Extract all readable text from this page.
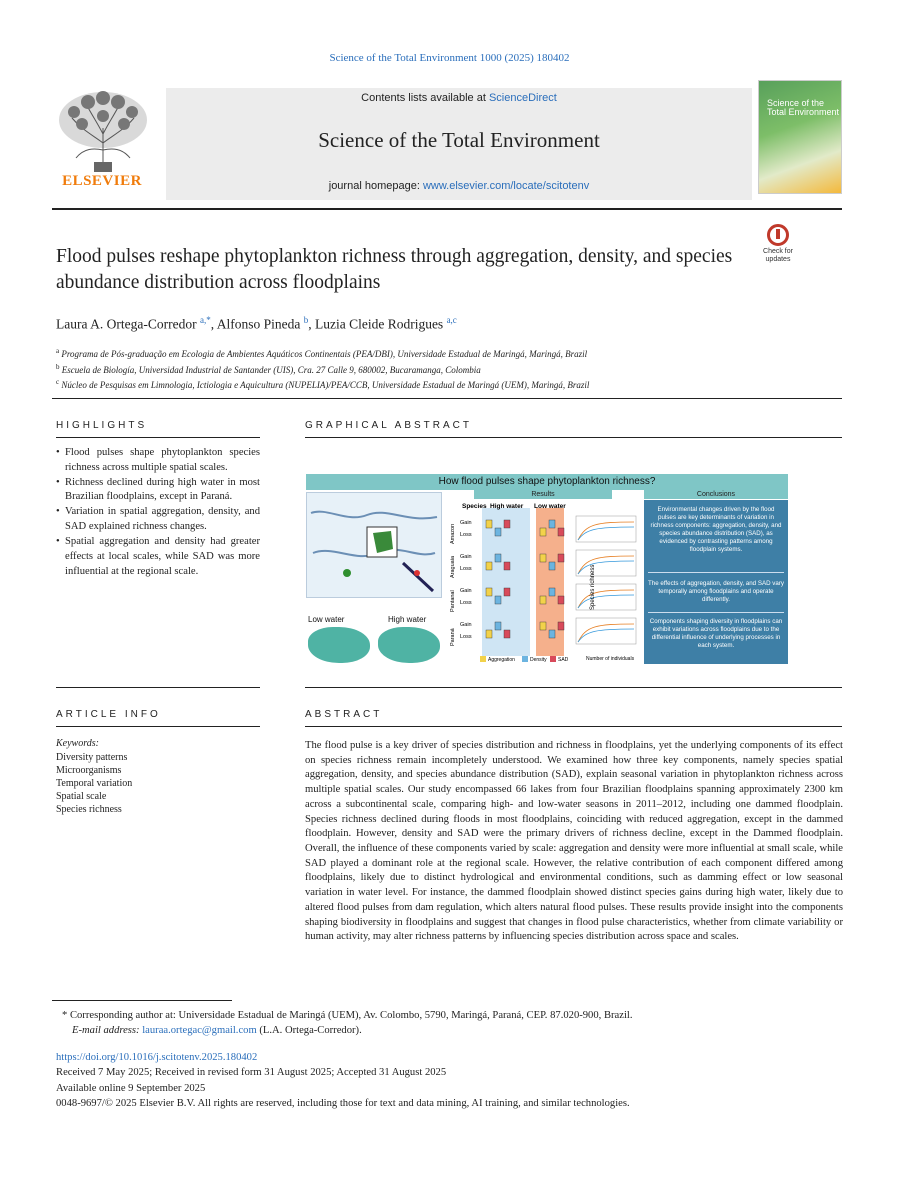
Science of the Total Environment 1000 (2025) 180402
ELSEVIER
Contents lists available at ScienceDirect
Science of the Total Environment
journal homepage: www.elsevier.com/locate/scitotenv
Science of the Total Environment
Flood pulses reshape phytoplankton richness through aggregation, density, and species abundance distribution across floodplains
Check for
updates
Laura A. Ortega-Corredor $^{a,*}$, Alfonso Pineda $^b$, Luzia Cleide Rodrigues $^{a,c}$
$^a$ Programa de Pós-graduação em Ecologia de Ambientes Aquáticos Continentais (PEA/DBI), Universidade Estadual de Maringá, Maringá, Brazil
$^b$ Escuela de Biología, Universidad Industrial de Santander (UIS), Cra. 27 Calle 9, 680002, Bucaramanga, Colombia
$^c$ Núcleo de Pesquisas em Limnologia, Ictiologia e Aquicultura (NUPELIA)/PEA/CCB, Universidade Estadual de Maringá (UEM), Maringá, Brazil
HIGHLIGHTS
• Flood pulses shape phytoplankton species richness across multiple spatial scales.
• Richness declined during high water in most Brazilian floodplains, except in Paraná.
• Variation in spatial aggregation, density, and SAD explained richness changes.
• Spatial aggregation and density had greater effects at local scales, while SAD was more influential at the regional scale.
GRAPHICAL ABSTRACT
How flood pulses shape phytoplankton richness?
Low water	High water
Results	Conclusions
Species High water Low water
Amazon
Gain
Loss
Araguaia Gain
Loss
Pantanal Gain
Loss
Paraná
Gain
Loss
Species richness
Number of individuals
Aggregation	Density SAD
Environmental changes driven by the flood pulses are key determinants of variation in richness components: aggregation, density, and species abundance distribution (SAD), as evidenced by contrasting patterns among floodplain systems.
The effects of aggregation, density, and SAD vary temporally among floodplains and operate differently.
Components shaping diversity in floodplains can exhibit variations across floodplains due to the differential influence of underlying processes in each system.
ARTICLE INFO
Keywords:
Diversity patterns
Microorganisms
Temporal variation
Spatial scale
Species richness
ABSTRACT
The flood pulse is a key driver of species distribution and richness in floodplains, yet the underlying components of its effect on species richness remain incompletely understood. We examined how three key components, namely species spatial aggregation, density, and species abundance distribution (SAD), explain seasonal variation in phytoplankton richness across multiple spatial scales. Our study encompassed 66 lakes from four Brazilian floodplains spanning approximately 2300 km across a subcontinental scale, comparing high- and low-water seasons in 2011–2012, including one dammed floodplain. Species richness declined during floods in most floodplains, coinciding with reduced aggregation, except in the dammed floodplain. However, density and SAD were the primary drivers of richness decline, except in the Dammed floodplain. Overall, the influence of these components varied by scale: aggregation and density were more influential at small scale, while SAD played a dominant role at the regional scale. However, the relative contribution of each component differed among floodplains, likely due to distinct hydrological and environmental conditions, such as damming effect or low seasonal variation in water level. For instance, the dammed floodplain showed distinct species gains during high water, likely due to altered flood pulses from dam regulation, which alters natural flood pulses. These results provide insight into the components shaping biodiversity in floodplains and suggest that changes in flood pulse characteristics, whether from climate variability or human activity, may alter richness patterns by influencing species distribution across space and scales.
* Corresponding author at: Universidade Estadual de Maringá (UEM), Av. Colombo, 5790, Maringá, Paraná, CEP. 87.020-900, Brazil.
E-mail address: lauraa.ortegac@gmail.com (L.A. Ortega-Corredor).
https://doi.org/10.1016/j.scitotenv.2025.180402
Received 7 May 2025; Received in revised form 31 August 2025; Accepted 31 August 2025
Available online 9 September 2025
0048-9697/© 2025 Elsevier B.V. All rights are reserved, including those for text and data mining, AI training, and similar technologies.
